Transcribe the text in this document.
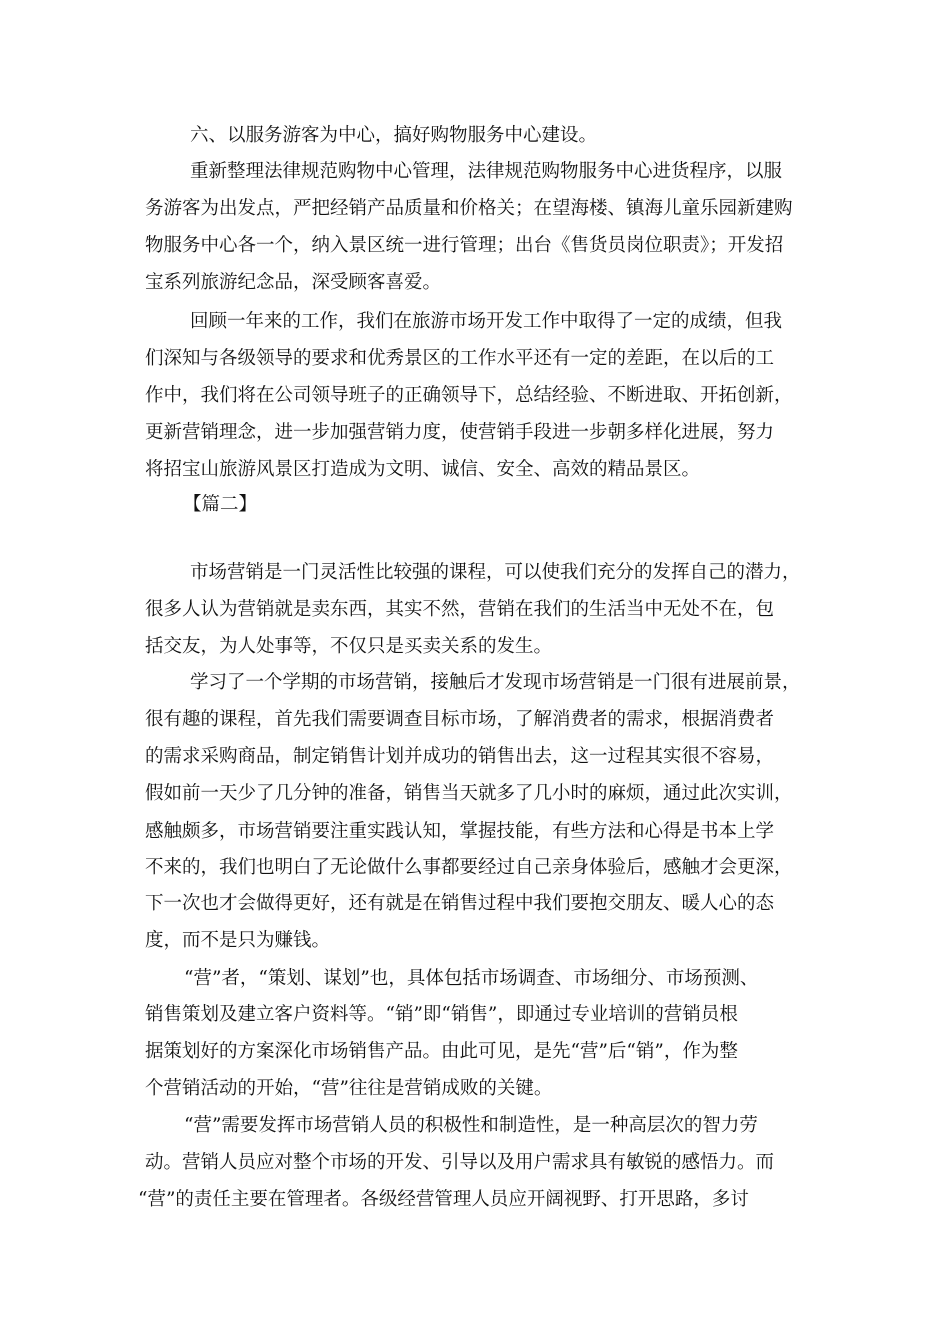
六、以服务游客为中心，搞好购物服务中心建设。
重新整理法律规范购物中心管理，法律规范购物服务中心进货程序，以服
务游客为出发点，严把经销产品质量和价格关；在望海楼、镇海儿童乐园新建购
物服务中心各一个，纳入景区统一进行管理；出台《售货员岗位职责》；开发招
宝系列旅游纪念品，深受顾客喜爱。
回顾一年来的工作，我们在旅游市场开发工作中取得了一定的成绩，但我
们深知与各级领导的要求和优秀景区的工作水平还有一定的差距，在以后的工
作中，我们将在公司领导班子的正确领导下，总结经验、不断进取、开拓创新，
更新营销理念，进一步加强营销力度，使营销手段进一步朝多样化进展，努力
将招宝山旅游风景区打造成为文明、诚信、安全、高效的精品景区。
【篇二】
市场营销是一门灵活性比较强的课程，可以使我们充分的发挥自己的潜力，
很多人认为营销就是卖东西，其实不然，营销在我们的生活当中无处不在，包
括交友，为人处事等，不仅只是买卖关系的发生。
学习了一个学期的市场营销，接触后才发现市场营销是一门很有进展前景，
很有趣的课程，首先我们需要调查目标市场，了解消费者的需求，根据消费者
的需求采购商品，制定销售计划并成功的销售出去，这一过程其实很不容易，
假如前一天少了几分钟的准备，销售当天就多了几小时的麻烦，通过此次实训，
感触颇多，市场营销要注重实践认知，掌握技能，有些方法和心得是书本上学
不来的，我们也明白了无论做什么事都要经过自己亲身体验后，感触才会更深，
下一次也才会做得更好，还有就是在销售过程中我们要抱交朋友、暖人心的态
度，而不是只为赚钱。
“营”者，“策划、谋划”也，具体包括市场调查、市场细分、市场预测、
销售策划及建立客户资料等。“销”即“销售”，即通过专业培训的营销员根
据策划好的方案深化市场销售产品。由此可见，是先“营”后“销”，作为整
个营销活动的开始，“营”往往是营销成败的关键。
“营”需要发挥市场营销人员的积极性和制造性，是一种高层次的智力劳
动。营销人员应对整个市场的开发、引导以及用户需求具有敏锐的感悟力。而
“营”的责任主要在管理者。各级经营管理人员应开阔视野、打开思路，多讨
